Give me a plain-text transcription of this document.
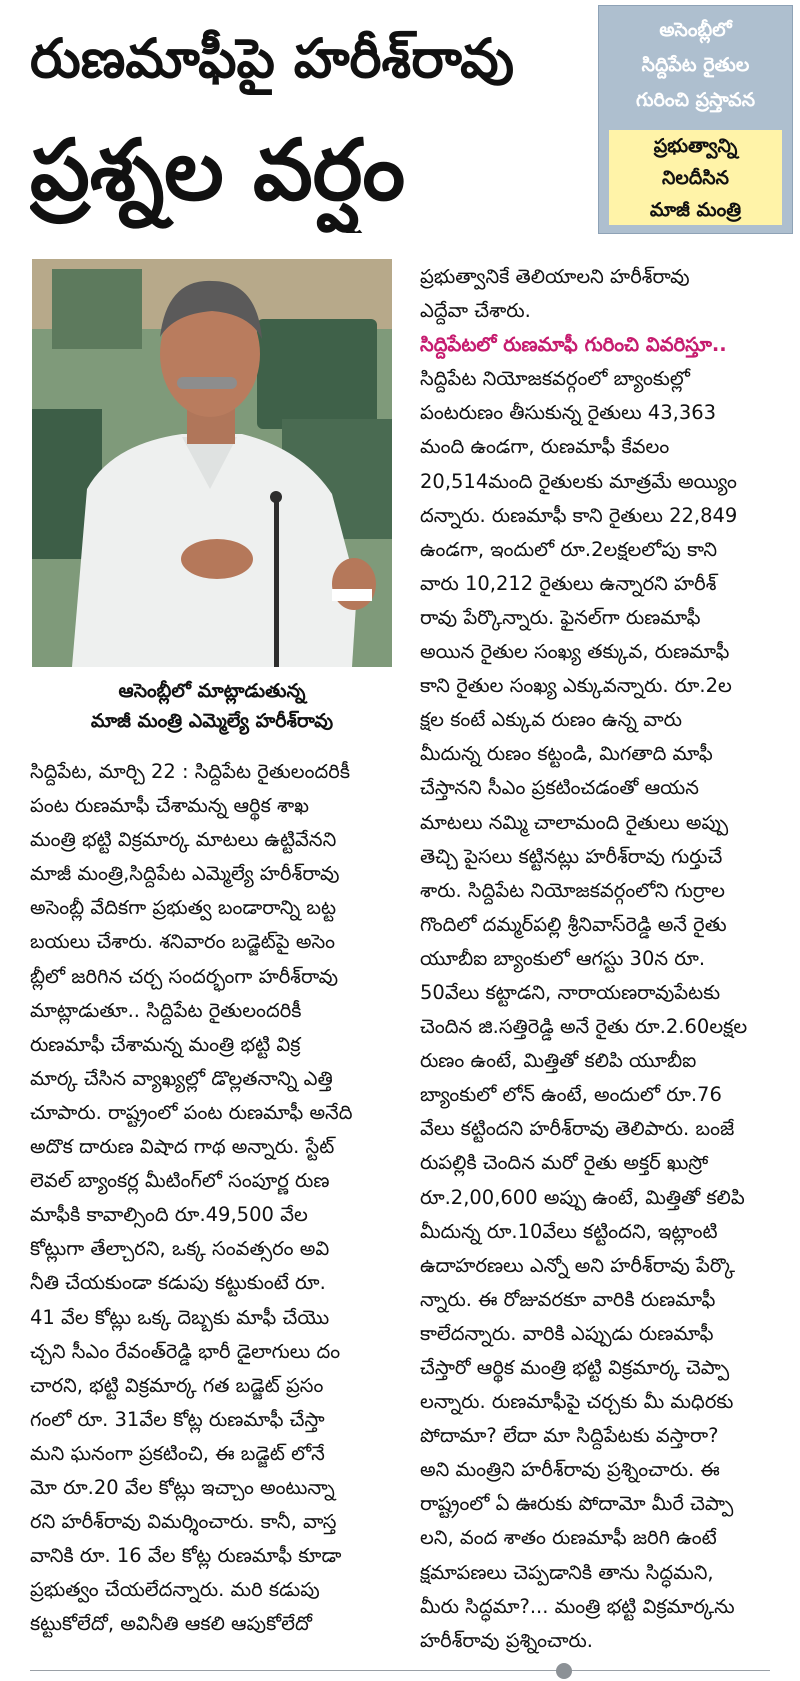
రుణమాఫీపై హరీశ్‌రావు
ప్రశ్నల వర్షం
అసెంబ్లీలో
సిద్దిపేట రైతుల
గురించి ప్రస్తావన
ప్రభుత్వాన్ని
నిలదీసిన
మాజీ మంత్రి
ఆసెంబ్లీలో మాట్లాడుతున్న
మాజీ మంత్రి ఎమ్మెల్యే హరీశ్‌రావు

సిద్దిపేట, మార్చి 22 : సిద్దిపేట రైతులందరికీ

పంట రుణమాఫీ చేశామన్న ఆర్థిక శాఖ

మంత్రి భట్టి విక్రమార్క మాటలు ఉట్టివేనని

మాజీ మంత్రి,సిద్దిపేట ఎమ్మెల్యే హరీశ్‌రావు

అసెంబ్లీ వేదికగా ప్రభుత్వ బండారాన్ని బట్ట

బయలు చేశారు. శనివారం బడ్జెట్‌పై అసెం

బ్లీలో జరిగిన చర్చ సందర్భంగా హరీశ్‌రావు

మాట్లాడుతూ.. సిద్దిపేట రైతులందరికీ

రుణమాఫీ చేశామన్న మంత్రి భట్టి విక్ర

మార్క చేసిన వ్యాఖ్యల్లో డొల్లతనాన్ని ఎత్తి

చూపారు. రాష్ట్రంలో పంట రుణమాఫీ అనేది

అదొక దారుణ విషాద గాథ అన్నారు. స్టేట్

లెవల్ బ్యాంకర్ల మీటింగ్‌లో సంపూర్ణ రుణ

మాఫీకి కావాల్సింది రూ.49,500 వేల

కోట్లుగా తేల్చారని, ఒక్క సంవత్సరం అవి

నీతి చేయకుండా కడుపు కట్టుకుంటే రూ.

41 వేల కోట్లు ఒక్క దెబ్బకు మాఫీ చేయొ

చ్చని సీఎం రేవంత్‌రెడ్డి భారీ డైలాగులు దం

చారని, భట్టి విక్రమార్క గత బడ్జెట్ ప్రసం

గంలో రూ. 31వేల కోట్ల రుణమాఫీ చేస్తా

మని ఘనంగా ప్రకటించి, ఈ బడ్జెట్ లోనే

మో రూ.20 వేల కోట్లు ఇచ్చాం అంటున్నా

రని హరీశ్‌రావు విమర్శించారు. కానీ, వాస్త

వానికి రూ. 16 వేల కోట్ల రుణమాఫీ కూడా

ప్రభుత్వం చేయలేదన్నారు. మరి కడుపు

కట్టుకోలేదో, అవినీతి ఆకలి ఆపుకోలేదో

ప్రభుత్వానికే తెలియాలని హరీశ్‌రావు

ఎద్దేవా చేశారు.

సిద్దిపేటలో రుణమాఫీ గురించి వివరిస్తూ..

సిద్దిపేట నియోజకవర్గంలో బ్యాంకుల్లో

పంటరుణం తీసుకున్న రైతులు 43,363

మంది ఉండగా, రుణమాఫీ కేవలం

20,514మంది రైతులకు మాత్రమే అయ్యిం

దన్నారు. రుణమాఫీ కాని రైతులు 22,849

ఉండగా, ఇందులో రూ.2లక్షలలోపు కాని

వారు 10,212 రైతులు ఉన్నారని హరీశ్

రావు పేర్కొన్నారు. ఫైనల్‌గా రుణమాఫీ

అయిన రైతుల సంఖ్య తక్కువ, రుణమాఫీ

కాని రైతుల సంఖ్య ఎక్కువన్నారు. రూ.2ల

క్షల కంటే ఎక్కువ రుణం ఉన్న వారు

మీదున్న రుణం కట్టండి, మిగతాది మాఫీ

చేస్తానని సీఎం ప్రకటించడంతో ఆయన

మాటలు నమ్మి చాలామంది రైతులు అప్పు

తెచ్చి పైసలు కట్టినట్లు హరీశ్‌రావు గుర్తుచే

శారు. సిద్దిపేట నియోజకవర్గంలోని గుర్రాల

గొందిలో దమ్మర్‌పల్లి శ్రీనివాస్‌రెడ్డి అనే రైతు

యూబీఐ బ్యాంకులో ఆగస్టు 30న రూ.

50వేలు కట్టాడని, నారాయణరావుపేటకు

చెందిన జి.సత్తిరెడ్డి అనే రైతు రూ.2.60లక్షల

రుణం ఉంటే, మిత్తితో కలిపి యూబీఐ

బ్యాంకులో లోన్ ఉంటే, అందులో రూ.76

వేలు కట్టిందని హరీశ్‌రావు తెలిపారు. బంజే

రుపల్లికి చెందిన మరో రైతు అక్తర్ ఖుస్రో

రూ.2,00,600 అప్పు ఉంటే, మిత్తితో కలిపి

మీదున్న రూ.10వేలు కట్టిందని, ఇట్లాంటి

ఉదాహరణలు ఎన్నో అని హరీశ్‌రావు పేర్కొ

న్నారు. ఈ రోజువరకూ వారికి రుణమాఫీ

కాలేదన్నారు. వారికి ఎప్పుడు రుణమాఫీ

చేస్తారో ఆర్థిక మంత్రి భట్టి విక్రమార్క చెప్పా

లన్నారు. రుణమాఫీపై చర్చకు మీ మధిరకు

పోదామా? లేదా మా సిద్దిపేటకు వస్తారా?

అని మంత్రిని హరీశ్‌రావు ప్రశ్నించారు. ఈ

రాష్ట్రంలో ఏ ఊరుకు పోదామో మీరే చెప్పా

లని, వంద శాతం రుణమాఫీ జరిగి ఉంటే

క్షమాపణలు చెప్పడానికి తాను సిద్ధమని,

మీరు సిద్ధమా?... మంత్రి భట్టి విక్రమార్కను

హరీశ్‌రావు ప్రశ్నించారు.
